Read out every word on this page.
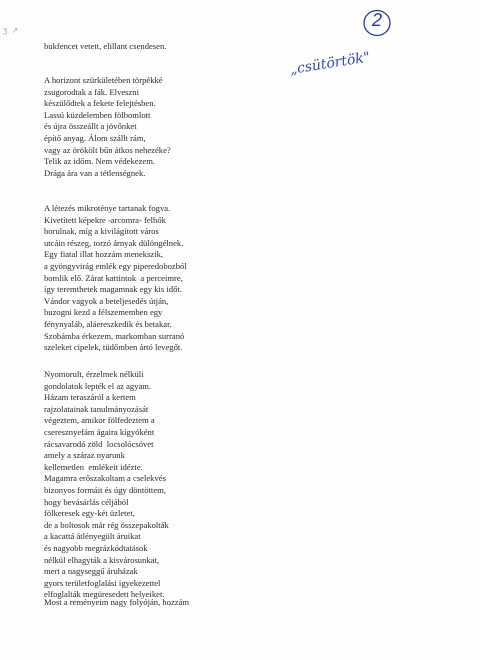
ʒ ↗
2
„csütörtök"
bukfencet vetett, elillant csendesen.
A horizont szürkületében törpékké
zsugorodtak a fák. Elveszni
készülődtek a fekete felejtésben.
Lassú küzdelemben fölbomlott
és újra összeállt a jövőnket
építő anyag. Álom szállt rám,
vagy az örökölt bűn átkos nehezéke?
Telik az időm. Nem védekezem.
Drága ára van a tétlenségnek.
A létezés mikroténye tartanak fogva.
Kivetített képekre -arcomra- felhők
borulnak, míg a kivilágított város
utcáin részeg, torzó árnyak dülöngélnek.
Egy fiatal illat hozzám menekszik,
a gyöngyvirág emlék egy piperedobozból
bomlik elő. Zárat kattintok  a perceimre,
így teremthetek magamnak egy kis időt.
Vándor vagyok a beteljesedés útján,
buzogni kezd a félszememben egy
fénynyaláb, aláereszkedik és betakar.
Szobámba érkezem, markomban surranó
szeleket cipelek, tüdőmben ártó levegőt.
Nyomorult, érzelmek nélküli
gondolatok lepték el az agyam.
Házam teraszáról a kertem
rajzolatainak tanulmányozását
végeztem, amikor fölfedeztem a
cseresznyefám ágaira kígyóként
rácsavarodó zöld  locsolócsövet
amely a száraz nyarunk
kellemetlen  emlékeit idézte.
Magamra erőszakoltam a cselekvés
bizonyos formáit és úgy döntöttem,
hogy bevásárlás céljából
fölkeresek egy-két üzletet,
de a boltosok már rég összepakolták
a kacattá átlényegült áruikat
és nagyobb megrázkódtatások
nélkül elhagyták a kisvárosunkat,
mert a nagyseggű áruházak
gyors területfoglalási igyekezettel
elfoglalták megüresedett helyeiket.
Most a reményeim nagy folyóján, hozzám
